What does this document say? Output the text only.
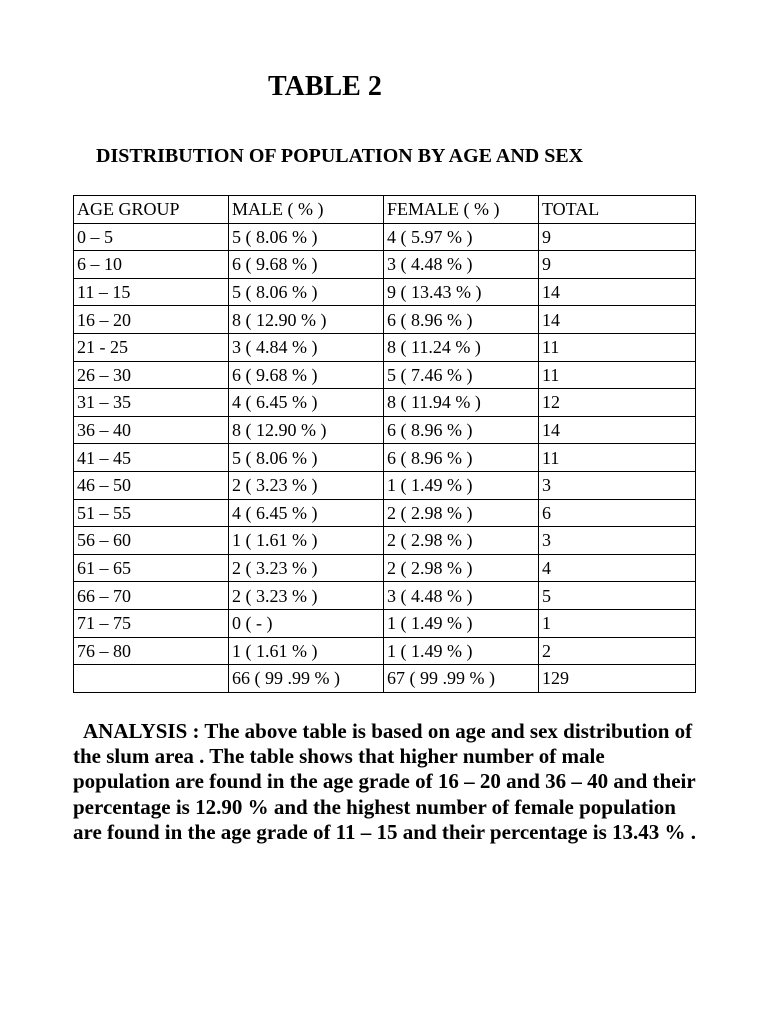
TABLE 2
DISTRIBUTION OF POPULATION BY AGE AND SEX
AGE GROUP	MALE ( % )	FEMALE ( % )	TOTAL
0 – 5	5 ( 8.06 % )	4 ( 5.97 % )	9
6 – 10	6 ( 9.68 % )	3 ( 4.48 % )	9
11 – 15	5 ( 8.06 % )	9 ( 13.43 % )	14
16 – 20	8 ( 12.90 % )	6 ( 8.96 % )	14
21 - 25	3 ( 4.84 % )	8 ( 11.24 % )	11
26 – 30	6 ( 9.68 % )	5 ( 7.46 % )	11
31 – 35	4 ( 6.45 % )	8 ( 11.94 % )	12
36 – 40	8 ( 12.90 % )	6 ( 8.96 % )	14
41 – 45	5 ( 8.06 % )	6 ( 8.96 % )	11
46 – 50	2 ( 3.23 % )	1 ( 1.49 % )	3
51 – 55	4 ( 6.45 % )	2 ( 2.98 % )	6
56 – 60	1 ( 1.61 % )	2 ( 2.98 % )	3
61 – 65	2 ( 3.23 % )	2 ( 2.98 % )	4
66 – 70	2 ( 3.23 % )	3 ( 4.48 % )	5
71 – 75	0 ( - )	1 ( 1.49 % )	1
76 – 80	1 ( 1.61 % )	1 ( 1.49 % )	2
	66 ( 99 .99 % )	67 ( 99 .99 % )	129

ANALYSIS : The above table is based on age and sex distribution of the slum area . The table shows that higher number of male population are found in the age grade of 16 – 20 and 36 – 40 and their percentage is 12.90 % and the highest number of female population are found in the age grade of 11 – 15 and their percentage is 13.43 % .
